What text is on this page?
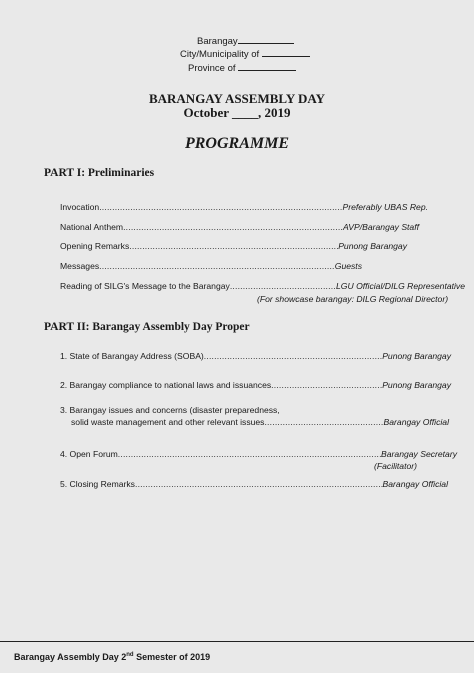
Barangay
City/Municipality of
Province of
BARANGAY ASSEMBLY DAY
October ____, 2019
PROGRAMME
PART I: Preliminaries
Invocation .....	Preferably UBAS Rep.
National Anthem .....	AVP/Barangay Staff
Opening Remarks .....	Punong Barangay
Messages .....	Guests
Reading of SILG's Message to the Barangay .....	LGU Official/DILG Representative
(For showcase barangay: DILG Regional Director)
PART II: Barangay Assembly Day Proper
1. State of Barangay Address (SOBA) .....	Punong Barangay
2. Barangay compliance to national laws and issuances .....	Punong Barangay
3. Barangay issues and concerns (disaster preparedness,
solid waste management and other relevant issues .....	Barangay Official
4. Open Forum .....	Barangay Secretary
(Facilitator)
5. Closing Remarks .....	Barangay Official
Barangay Assembly Day 2nd Semester of 2019
